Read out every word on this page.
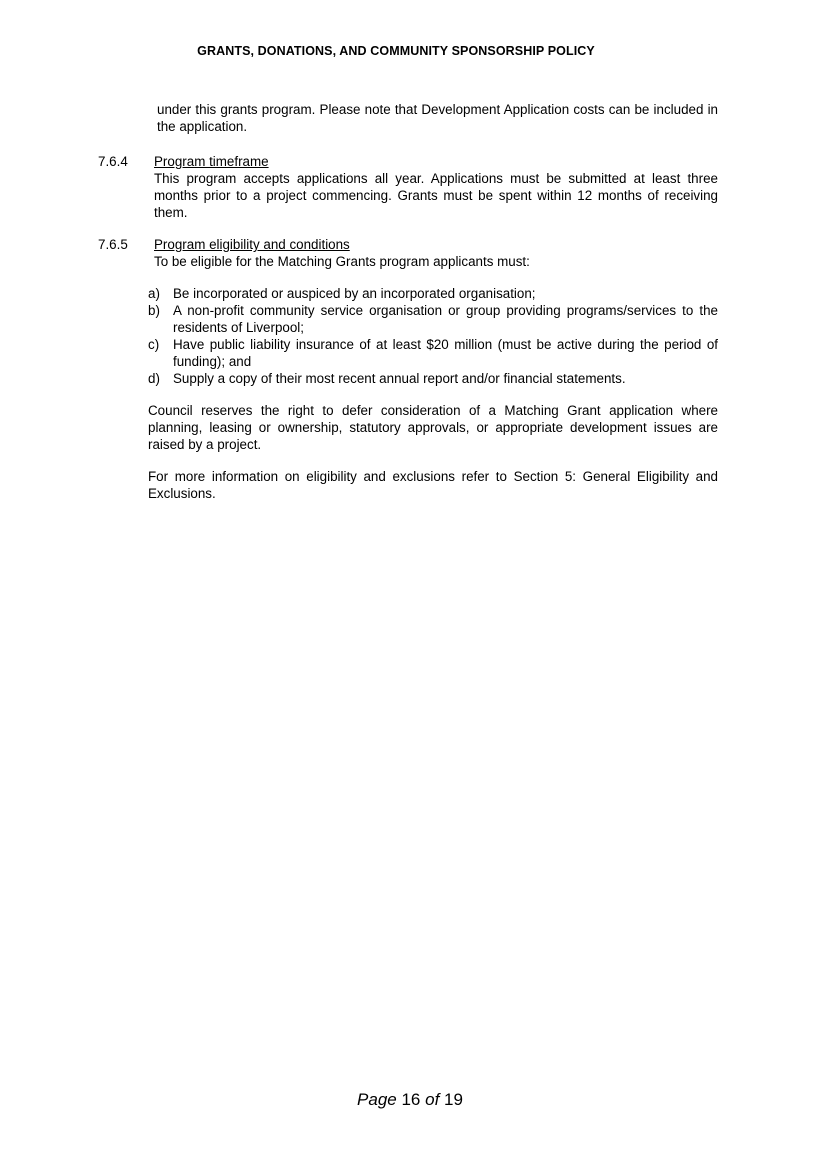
GRANTS, DONATIONS, AND COMMUNITY SPONSORSHIP POLICY
under this grants program. Please note that Development Application costs can be included in the application.
7.6.4	Program timeframe
This program accepts applications all year. Applications must be submitted at least three months prior to a project commencing. Grants must be spent within 12 months of receiving them.
7.6.5	Program eligibility and conditions
To be eligible for the Matching Grants program applicants must:
a) Be incorporated or auspiced by an incorporated organisation;
b) A non-profit community service organisation or group providing programs/services to the residents of Liverpool;
c) Have public liability insurance of at least $20 million (must be active during the period of funding); and
d) Supply a copy of their most recent annual report and/or financial statements.
Council reserves the right to defer consideration of a Matching Grant application where planning, leasing or ownership, statutory approvals, or appropriate development issues are raised by a project.
For more information on eligibility and exclusions refer to Section 5: General Eligibility and Exclusions.
Page 16 of 19
